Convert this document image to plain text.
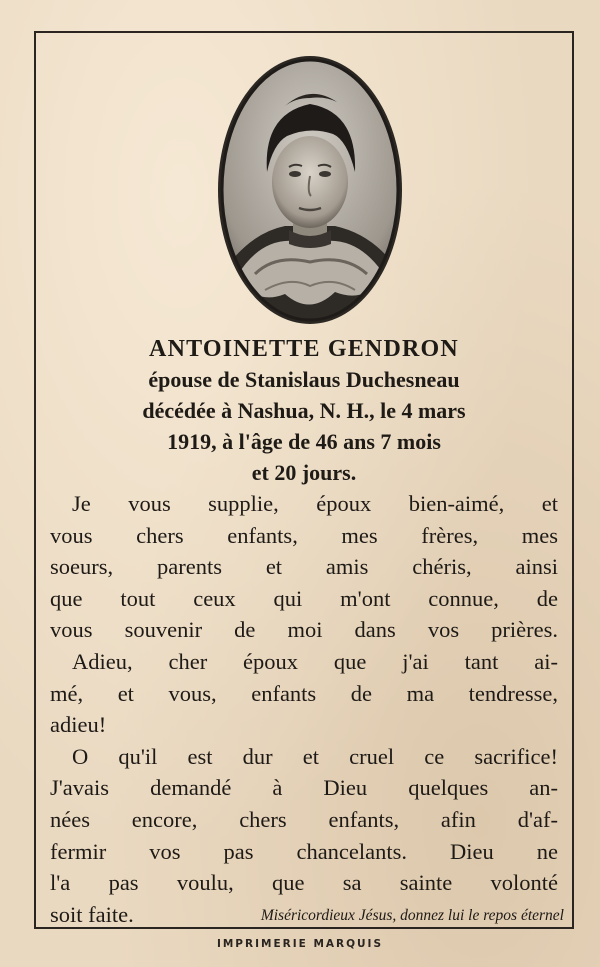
ANTOINETTE GENDRON
épouse de Stanislaus Duchesneau
décédée à Nashua, N. H., le 4 mars
1919, à l'âge de 46 ans 7 mois
et 20 jours.
Je vous supplie, époux bien-aimé, et
vous chers enfants, mes frères, mes
soeurs, parents et amis chéris, ainsi
que tout ceux qui m'ont connue, de
vous souvenir de moi dans vos prières.
Adieu, cher époux que j'ai tant ai-
mé, et vous, enfants de ma tendresse,
adieu!
O qu'il est dur et cruel ce sacrifice!
J'avais demandé à Dieu quelques an-
nées encore, chers enfants, afin d'af-
fermir vos pas chancelants. Dieu ne
l'a pas voulu, que sa sainte volonté
soit faite.	Miséricordieux Jésus, donnez lui le repos éternel
IMPRIMERIE MARQUIS
